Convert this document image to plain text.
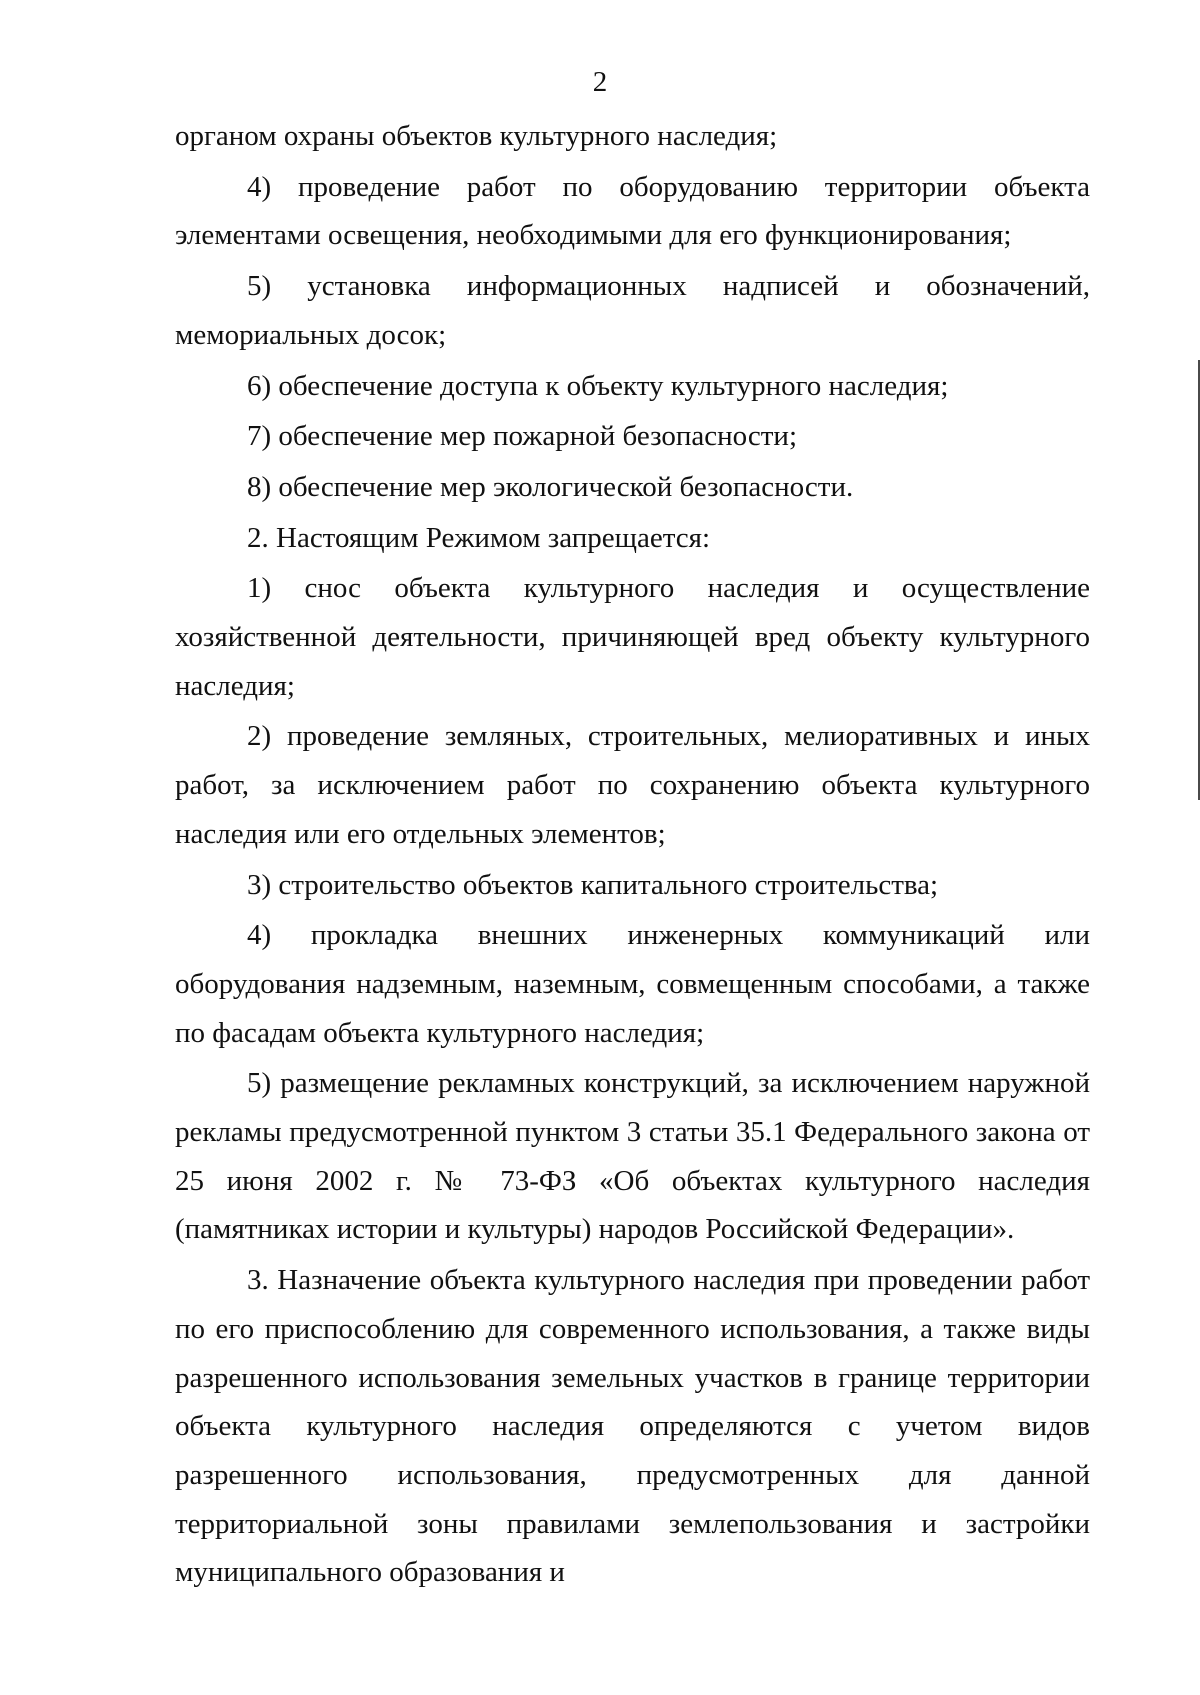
2

органом охраны объектов культурного наследия;

4) проведение работ по оборудованию территории объекта элементами освещения, необходимыми для его функционирования;

5) установка информационных надписей и обозначений, мемориальных досок;

6) обеспечение доступа к объекту культурного наследия;

7) обеспечение мер пожарной безопасности;

8) обеспечение мер экологической безопасности.

2. Настоящим Режимом запрещается:

1) снос объекта культурного наследия и осуществление хозяйственной деятельности, причиняющей вред объекту культурного наследия;

2) проведение земляных, строительных, мелиоративных и иных работ, за исключением работ по сохранению объекта культурного наследия или его отдельных элементов;

3) строительство объектов капитального строительства;

4) прокладка внешних инженерных коммуникаций или оборудования надземным, наземным, совмещенным способами, а также по фасадам объекта культурного наследия;

5) размещение рекламных конструкций, за исключением наружной рекламы предусмотренной пунктом 3 статьи 35.1 Федерального закона от 25 июня 2002 г. № 73-ФЗ «Об объектах культурного наследия (памятниках истории и культуры) народов Российской Федерации».

3. Назначение объекта культурного наследия при проведении работ по его приспособлению для современного использования, а также виды разрешенного использования земельных участков в границе территории объекта культурного наследия определяются с учетом видов разрешенного использования, предусмотренных для данной территориальной зоны правилами землепользования и застройки муниципального образования и
